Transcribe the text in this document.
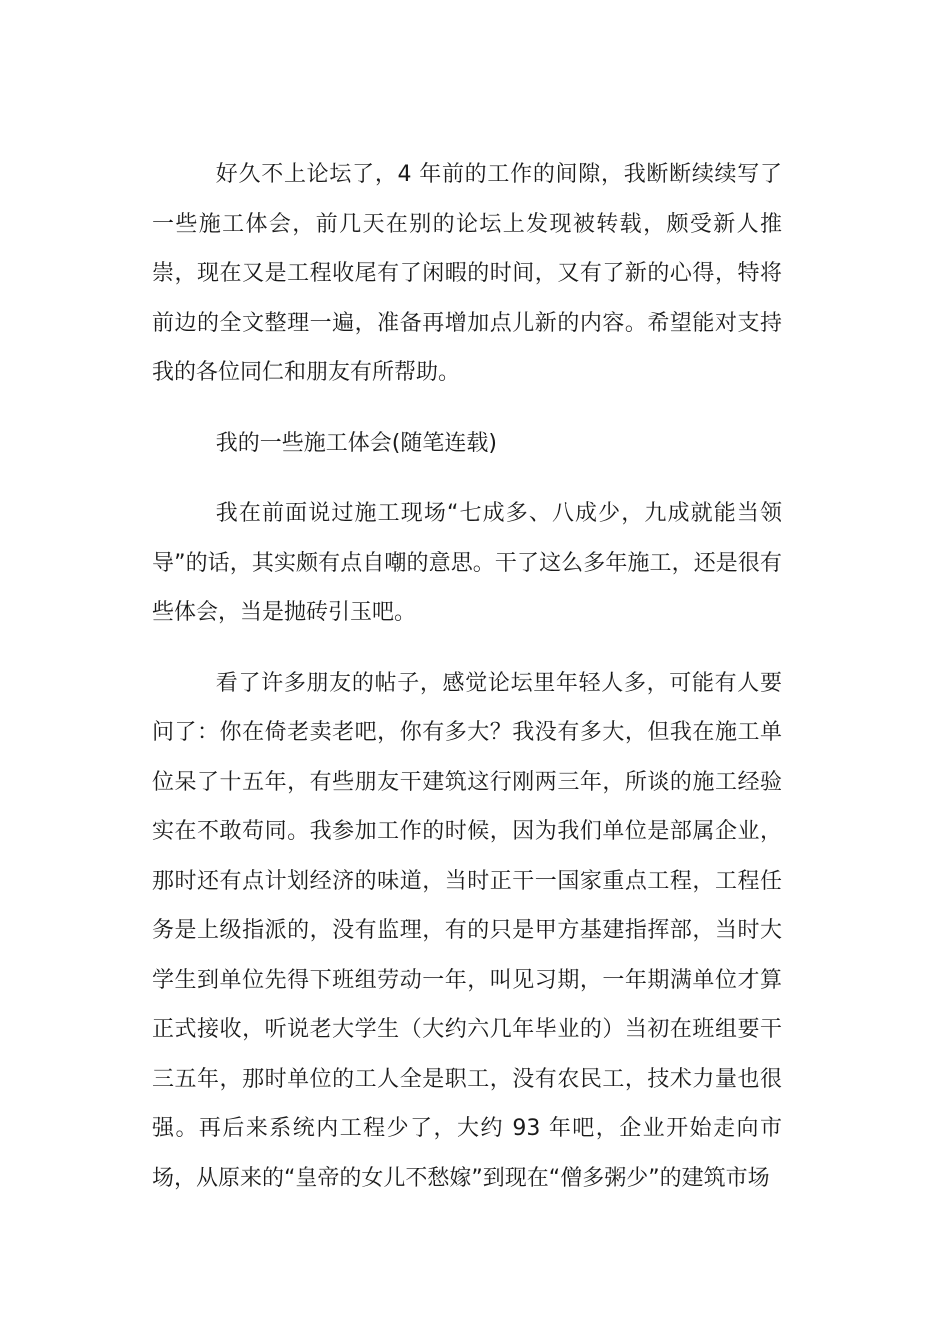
好久不上论坛了，4 年前的工作的间隙，我断断续续写了一些施工体会，前几天在别的论坛上发现被转载，颇受新人推崇，现在又是工程收尾有了闲暇的时间，又有了新的心得，特将前边的全文整理一遍，准备再增加点儿新的内容。希望能对支持我的各位同仁和朋友有所帮助。

我的一些施工体会(随笔连载)

我在前面说过施工现场“七成多、八成少，九成就能当领导”的话，其实颇有点自嘲的意思。干了这么多年施工，还是很有些体会，当是抛砖引玉吧。

看了许多朋友的帖子，感觉论坛里年轻人多，可能有人要问了：你在倚老卖老吧，你有多大？我没有多大，但我在施工单位呆了十五年，有些朋友干建筑这行刚两三年，所谈的施工经验实在不敢苟同。我参加工作的时候，因为我们单位是部属企业，那时还有点计划经济的味道，当时正干一国家重点工程，工程任务是上级指派的，没有监理，有的只是甲方基建指挥部，当时大学生到单位先得下班组劳动一年，叫见习期，一年期满单位才算正式接收，听说老大学生（大约六几年毕业的）当初在班组要干三五年，那时单位的工人全是职工，没有农民工，技术力量也很强。再后来系统内工程少了，大约 93 年吧，企业开始走向市场，从原来的“皇帝的女儿不愁嫁”到现在“僧多粥少”的建筑市场
